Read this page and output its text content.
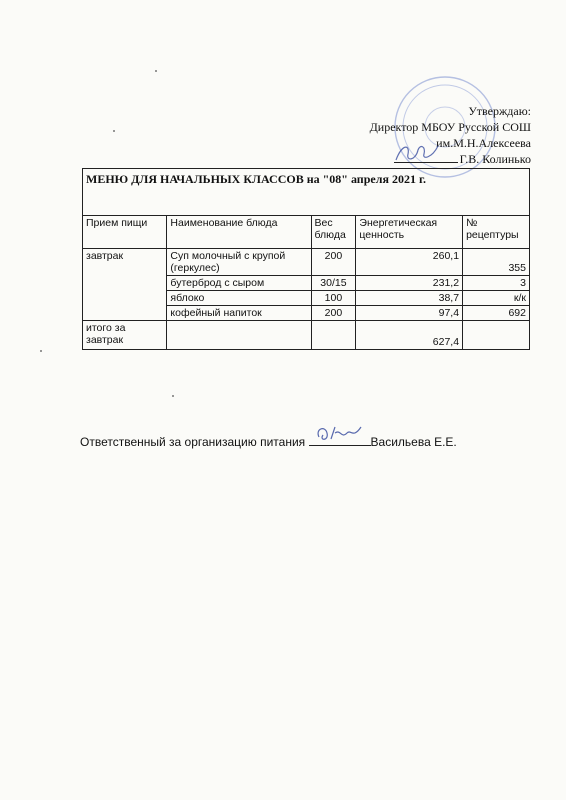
Утверждаю:
Директор МБОУ Русской СОШ
им.М.Н.Алексеева
Г.В. Колинько
МЕНЮ ДЛЯ НАЧАЛЬНЫХ КЛАССОВ на "08" апреля 2021 г.				
Прием пищи	Наименование блюда	Вес блюда	Энергетическая ценность	№ рецептуры
завтрак	Суп молочный с крупой (геркулес)	200	260,1	355
	бутерброд с сыром	30/15	231,2	3
	яблоко	100	38,7	к/к
	кофейный напиток	200	97,4	692
итого за завтрак			627,4	
Ответственный за организацию питания	Васильева Е.Е.
